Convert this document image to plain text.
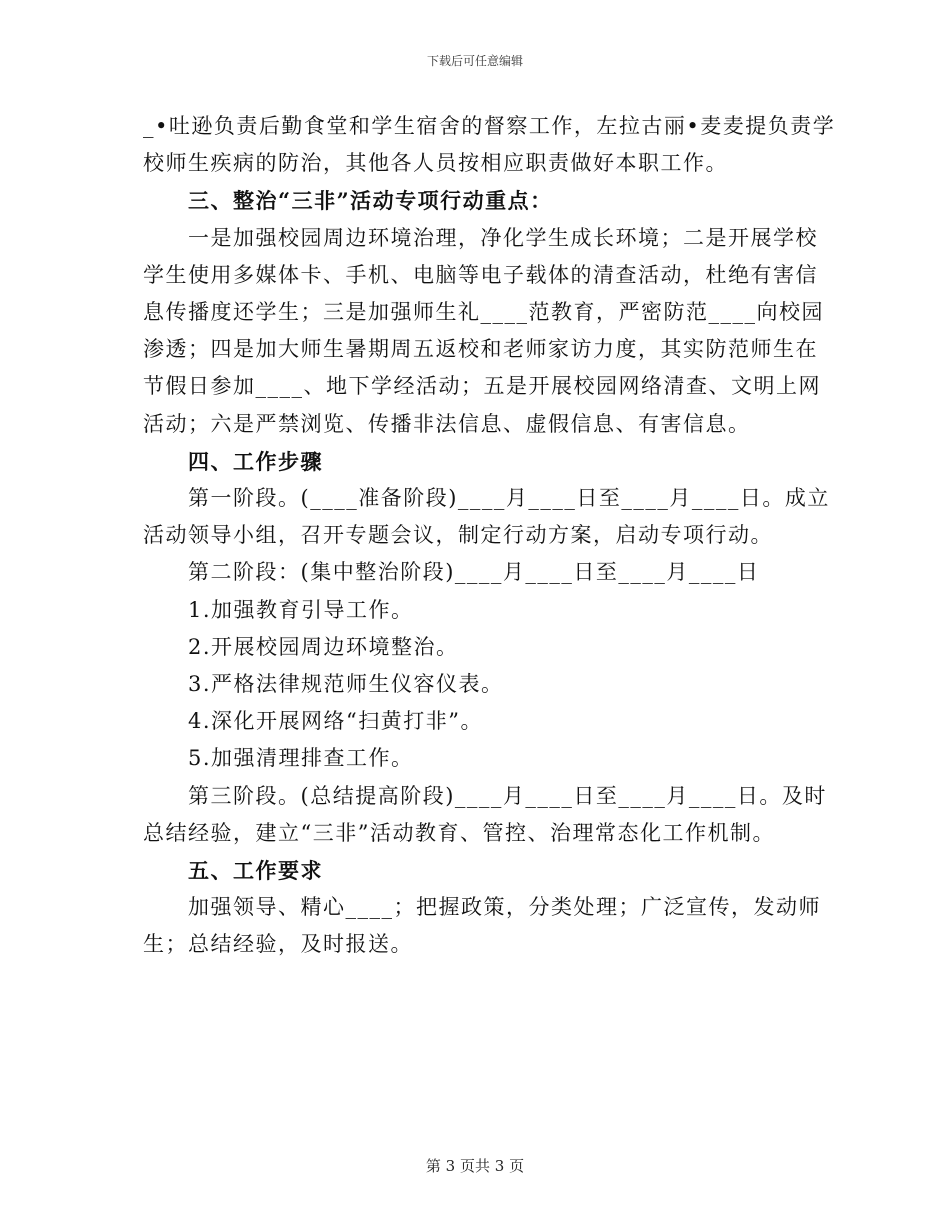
下载后可任意编辑

_•吐逊负责后勤食堂和学生宿舍的督察工作，左拉古丽•麦麦提负责学

校师生疾病的防治，其他各人员按相应职责做好本职工作。

三、整治“三非”活动专项行动重点：

一是加强校园周边环境治理，净化学生成长环境；二是开展学校

学生使用多媒体卡、手机、电脑等电子载体的清查活动，杜绝有害信

息传播度还学生；三是加强师生礼____范教育，严密防范____向校园

渗透；四是加大师生暑期周五返校和老师家访力度，其实防范师生在

节假日参加____、地下学经活动；五是开展校园网络清查、文明上网

活动；六是严禁浏览、传播非法信息、虚假信息、有害信息。

四、工作步骤

第一阶段。(____准备阶段)____月____日至____月____日。成立

活动领导小组，召开专题会议，制定行动方案，启动专项行动。

第二阶段：(集中整治阶段)____月____日至____月____日

1.加强教育引导工作。

2.开展校园周边环境整治。

3.严格法律规范师生仪容仪表。

4.深化开展网络“扫黄打非”。

5.加强清理排查工作。

第三阶段。(总结提高阶段)____月____日至____月____日。及时

总结经验，建立“三非”活动教育、管控、治理常态化工作机制。

五、工作要求

加强领导、精心____；把握政策，分类处理；广泛宣传，发动师

生；总结经验，及时报送。

第 3 页共 3 页
